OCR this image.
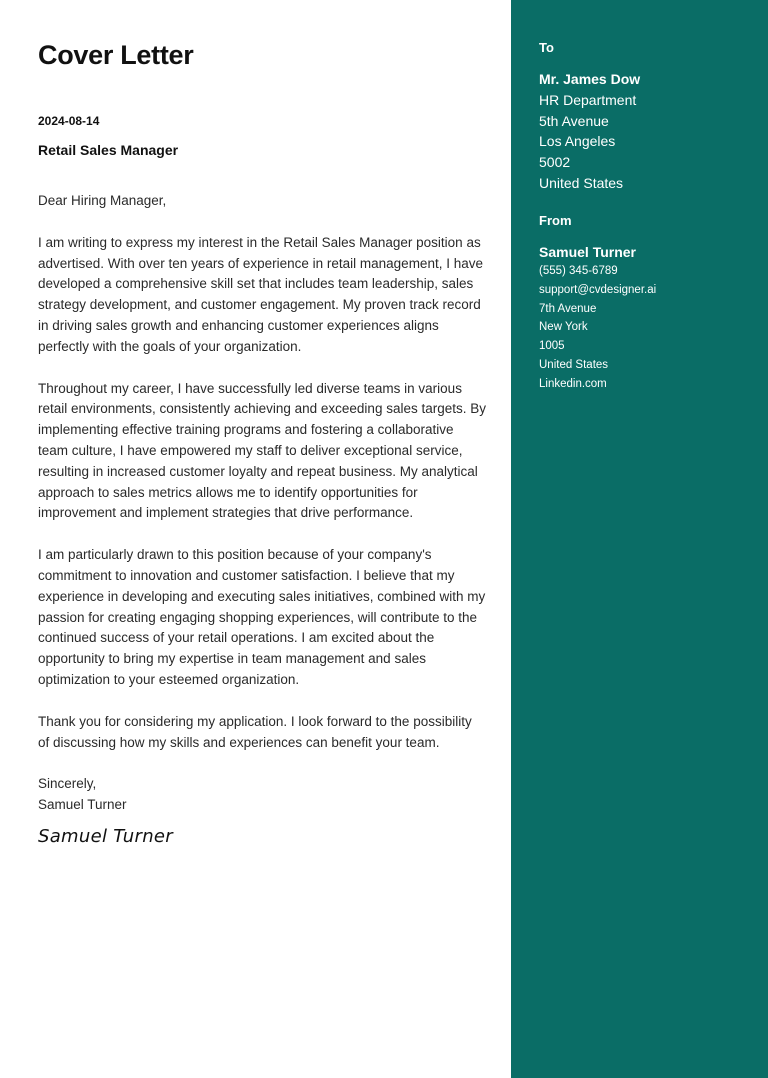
Cover Letter
2024-08-14
Retail Sales Manager

Dear Hiring Manager,

I am writing to express my interest in the Retail Sales Manager position as advertised. With over ten years of experience in retail management, I have developed a comprehensive skill set that includes team leadership, sales strategy development, and customer engagement. My proven track record in driving sales growth and enhancing customer experiences aligns perfectly with the goals of your organization.

Throughout my career, I have successfully led diverse teams in various retail environments, consistently achieving and exceeding sales targets. By implementing effective training programs and fostering a collaborative team culture, I have empowered my staff to deliver exceptional service, resulting in increased customer loyalty and repeat business. My analytical approach to sales metrics allows me to identify opportunities for improvement and implement strategies that drive performance.

I am particularly drawn to this position because of your company's commitment to innovation and customer satisfaction. I believe that my experience in developing and executing sales initiatives, combined with my passion for creating engaging shopping experiences, will contribute to the continued success of your retail operations. I am excited about the opportunity to bring my expertise in team management and sales optimization to your esteemed organization.

Thank you for considering my application. I look forward to the possibility of discussing how my skills and experiences can benefit your team.

Sincerely,
Samuel Turner
Samuel Turner
To
Mr. James Dow
HR Department
5th Avenue
Los Angeles
5002
United States
From
Samuel Turner
(555) 345-6789
support@cvdesigner.ai
7th Avenue
New York
1005
United States
Linkedin.com
